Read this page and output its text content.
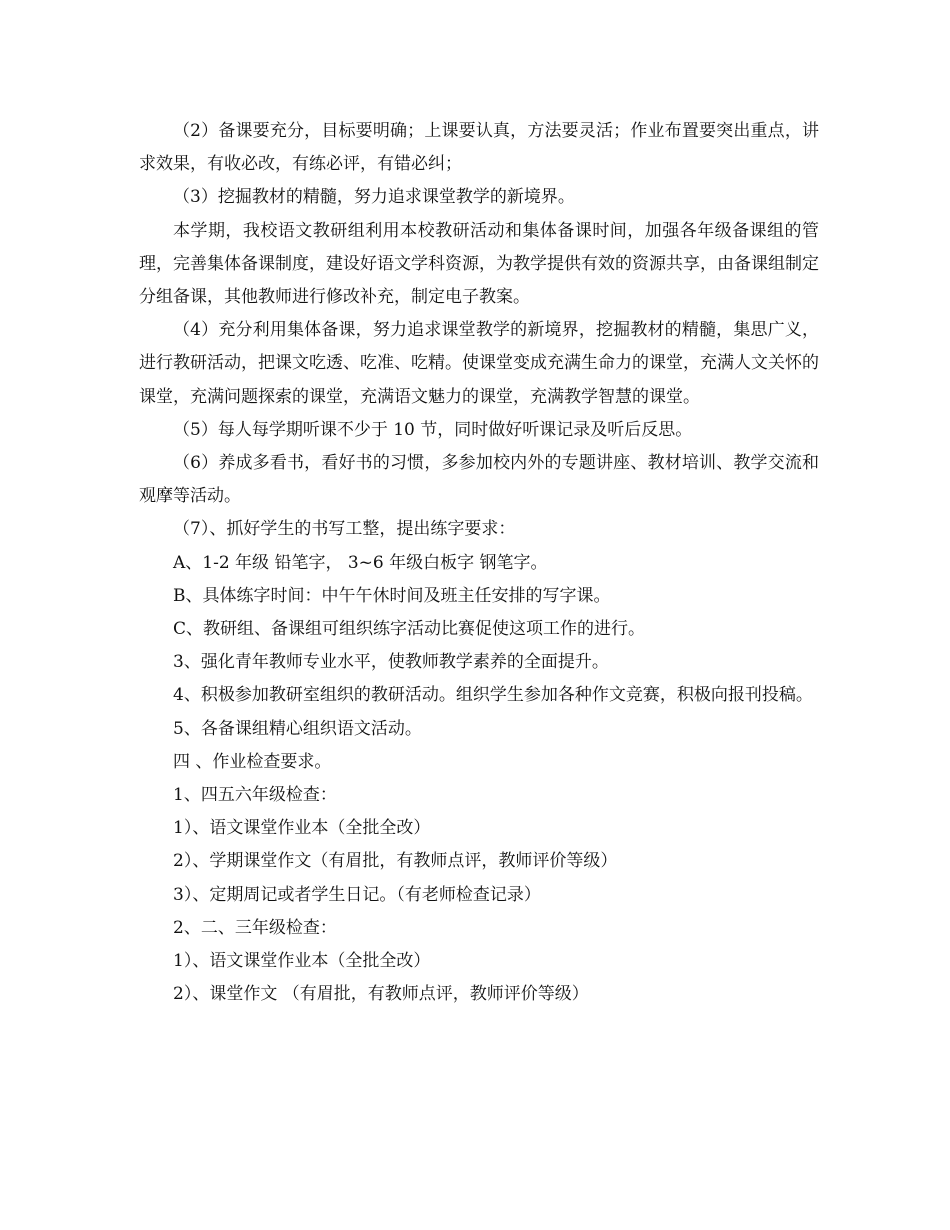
（2）备课要充分，目标要明确；上课要认真，方法要灵活；作业布置要突出重点，讲求效果，有收必改，有练必评，有错必纠；

（3）挖掘教材的精髓，努力追求课堂教学的新境界。

本学期，我校语文教研组利用本校教研活动和集体备课时间，加强各年级备课组的管理，完善集体备课制度，建设好语文学科资源，为教学提供有效的资源共享，由备课组制定分组备课，其他教师进行修改补充，制定电子教案。

（4）充分利用集体备课，努力追求课堂教学的新境界，挖掘教材的精髓，集思广义，进行教研活动，把课文吃透、吃准、吃精。使课堂变成充满生命力的课堂，充满人文关怀的课堂，充满问题探索的课堂，充满语文魅力的课堂，充满教学智慧的课堂。

（5）每人每学期听课不少于 10 节，同时做好听课记录及听后反思。

（6）养成多看书，看好书的习惯，多参加校内外的专题讲座、教材培训、教学交流和观摩等活动。

（7）、抓好学生的书写工整，提出练字要求：

A、1-2 年级 铅笔字， 3~6 年级白板字 钢笔字。

B、具体练字时间：中午午休时间及班主任安排的写字课。

C、教研组、备课组可组织练字活动比赛促使这项工作的进行。

3、强化青年教师专业水平，使教师教学素养的全面提升。

4、积极参加教研室组织的教研活动。组织学生参加各种作文竞赛，积极向报刊投稿。

5、各备课组精心组织语文活动。

四 、作业检查要求。

1、四五六年级检查：

1）、语文课堂作业本（全批全改）

2）、学期课堂作文（有眉批，有教师点评，教师评价等级）

3）、定期周记或者学生日记。（有老师检查记录）

2、二、三年级检查：

1）、语文课堂作业本（全批全改）

2）、课堂作文 （有眉批，有教师点评，教师评价等级）
